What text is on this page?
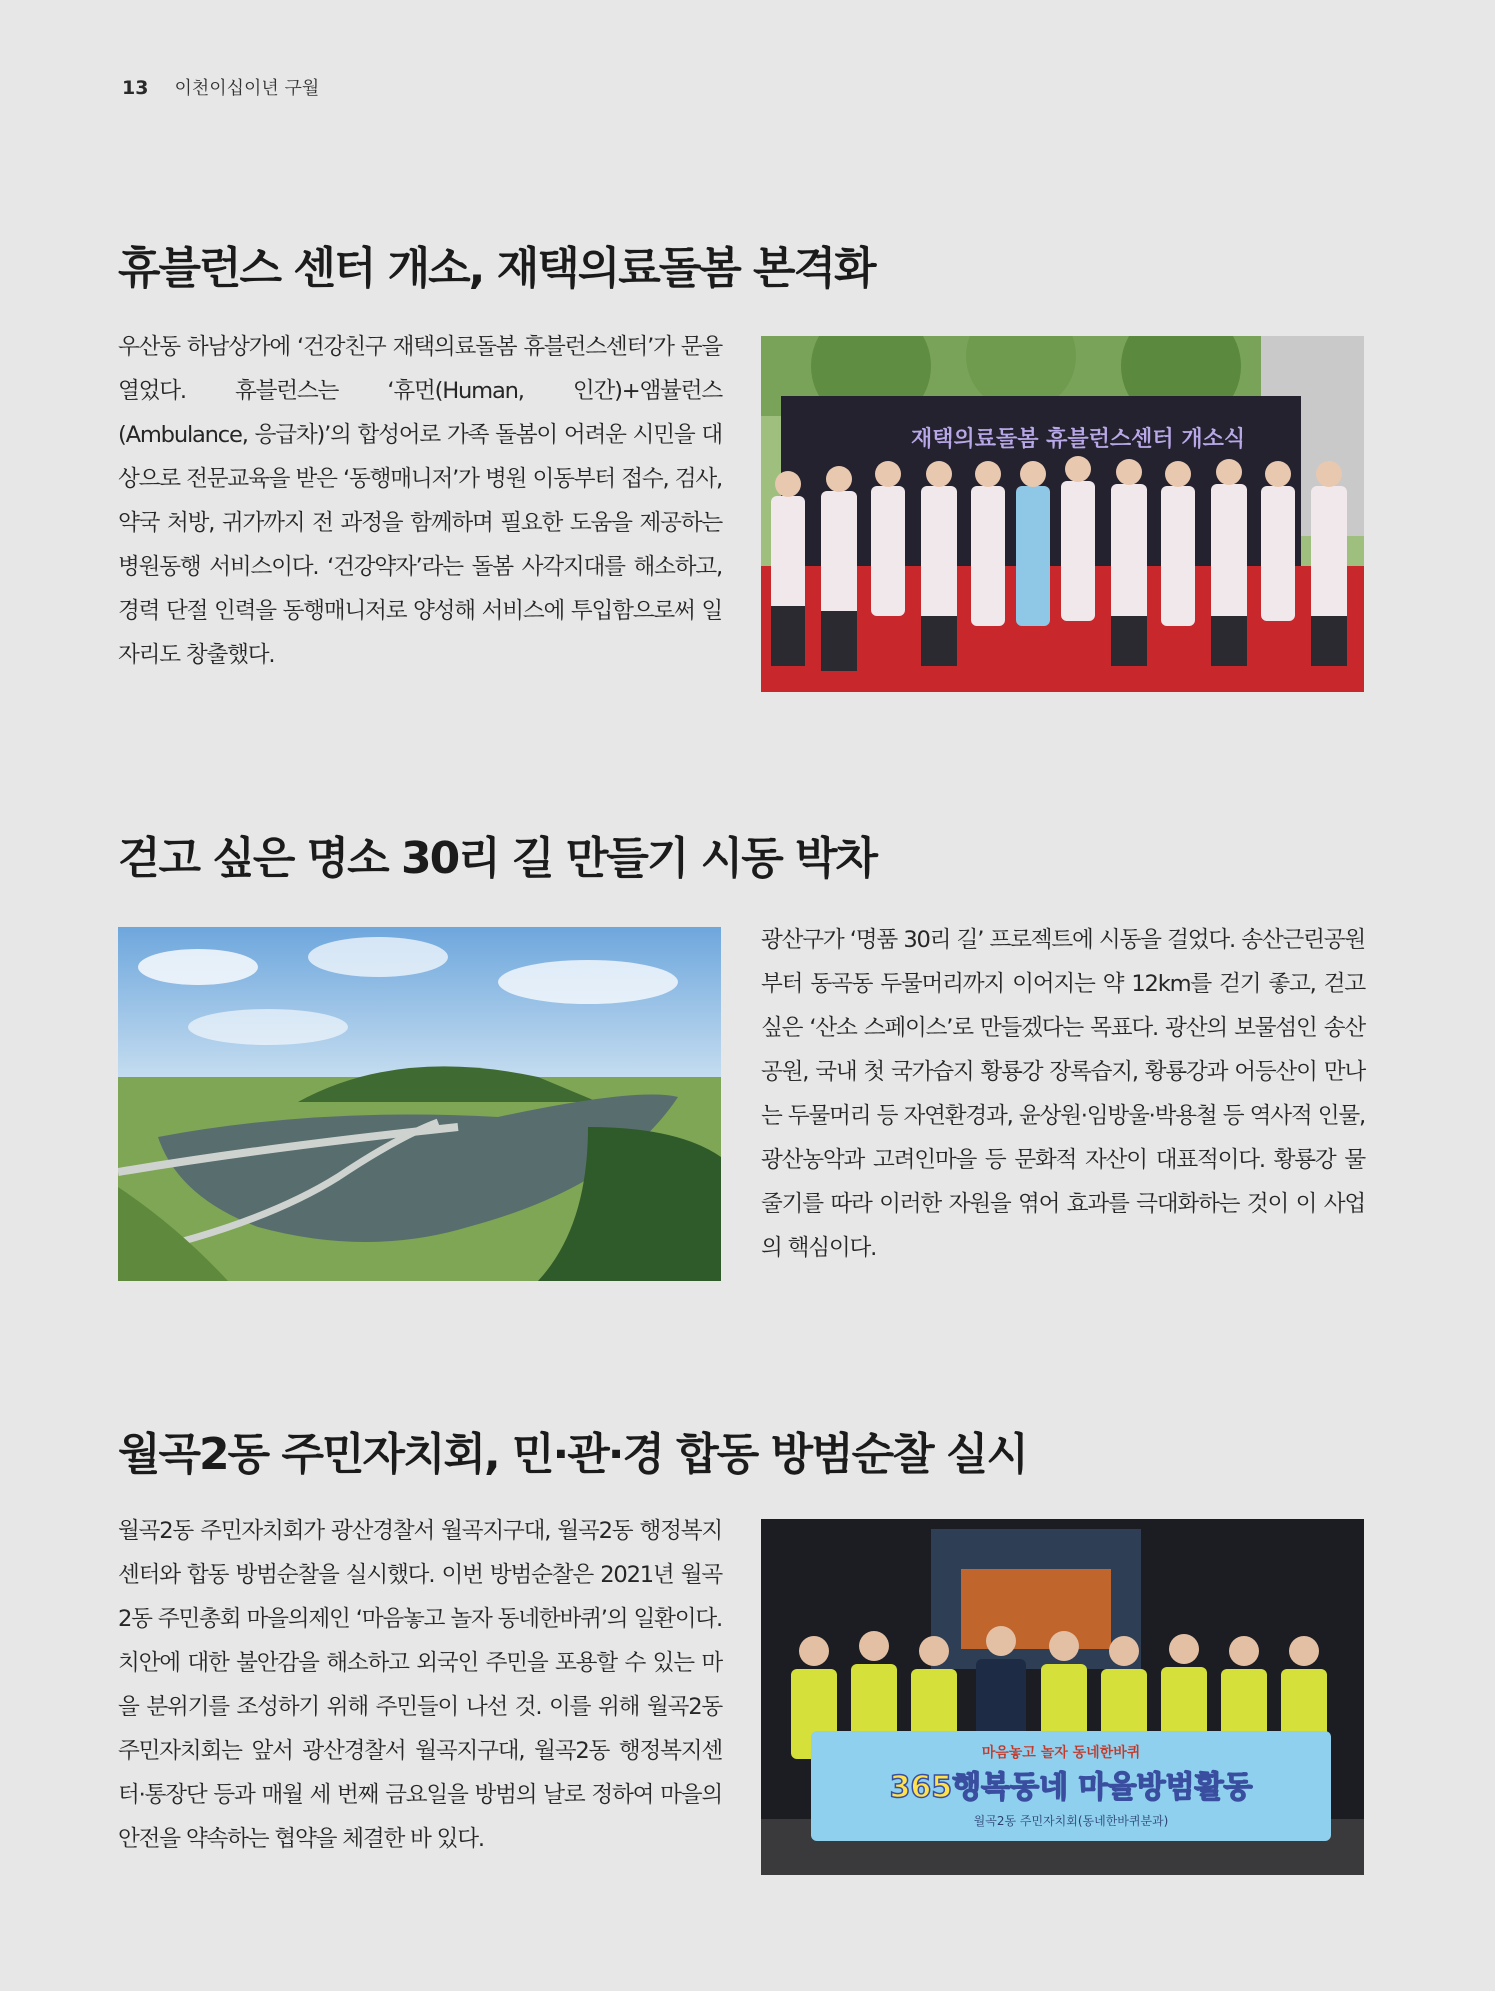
13 이천이십이년 구월
휴블런스 센터 개소, 재택의료돌봄 본격화

우산동 하남상가에 ‘건강친구 재택의료돌봄 휴블런스센터’가 문을 열었다. 휴블런스는 ‘휴먼(Human, 인간)+앰뷸런스(Ambulance, 응급차)’의 합성어로 가족 돌봄이 어려운 시민을 대상으로 전문교육을 받은 ‘동행매니저’가 병원 이동부터 접수, 검사, 약국 처방, 귀가까지 전 과정을 함께하며 필요한 도움을 제공하는 병원동행 서비스이다. ‘건강약자’라는 돌봄 사각지대를 해소하고, 경력 단절 인력을 동행매니저로 양성해 서비스에 투입함으로써 일자리도 창출했다.

재택의료돌봄 휴블런스센터 개소식
걷고 싶은 명소 30리 길 만들기 시동 박차

광산구가 ‘명품 30리 길’ 프로젝트에 시동을 걸었다. 송산근린공원부터 동곡동 두물머리까지 이어지는 약 12km를 걷기 좋고, 걷고 싶은 ‘산소 스페이스’로 만들겠다는 목표다. 광산의 보물섬인 송산공원, 국내 첫 국가습지 황룡강 장록습지, 황룡강과 어등산이 만나는 두물머리 등 자연환경과, 윤상원·임방울·박용철 등 역사적 인물, 광산농악과 고려인마을 등 문화적 자산이 대표적이다. 황룡강 물줄기를 따라 이러한 자원을 엮어 효과를 극대화하는 것이 이 사업의 핵심이다.

월곡2동 주민자치회, 민·관·경 합동 방범순찰 실시

월곡2동 주민자치회가 광산경찰서 월곡지구대, 월곡2동 행정복지센터와 합동 방범순찰을 실시했다. 이번 방범순찰은 2021년 월곡2동 주민총회 마을의제인 ‘마음놓고 놀자 동네한바퀴’의 일환이다. 치안에 대한 불안감을 해소하고 외국인 주민을 포용할 수 있는 마을 분위기를 조성하기 위해 주민들이 나선 것. 이를 위해 월곡2동 주민자치회는 앞서 광산경찰서 월곡지구대, 월곡2동 행정복지센터·통장단 등과 매월 세 번째 금요일을 방범의 날로 정하여 마을의 안전을 약속하는 협약을 체결한 바 있다.

마음놓고 놀자 동네한바퀴
365행복동네 마을방범활동
월곡2동 주민자치회(동네한바퀴분과)
